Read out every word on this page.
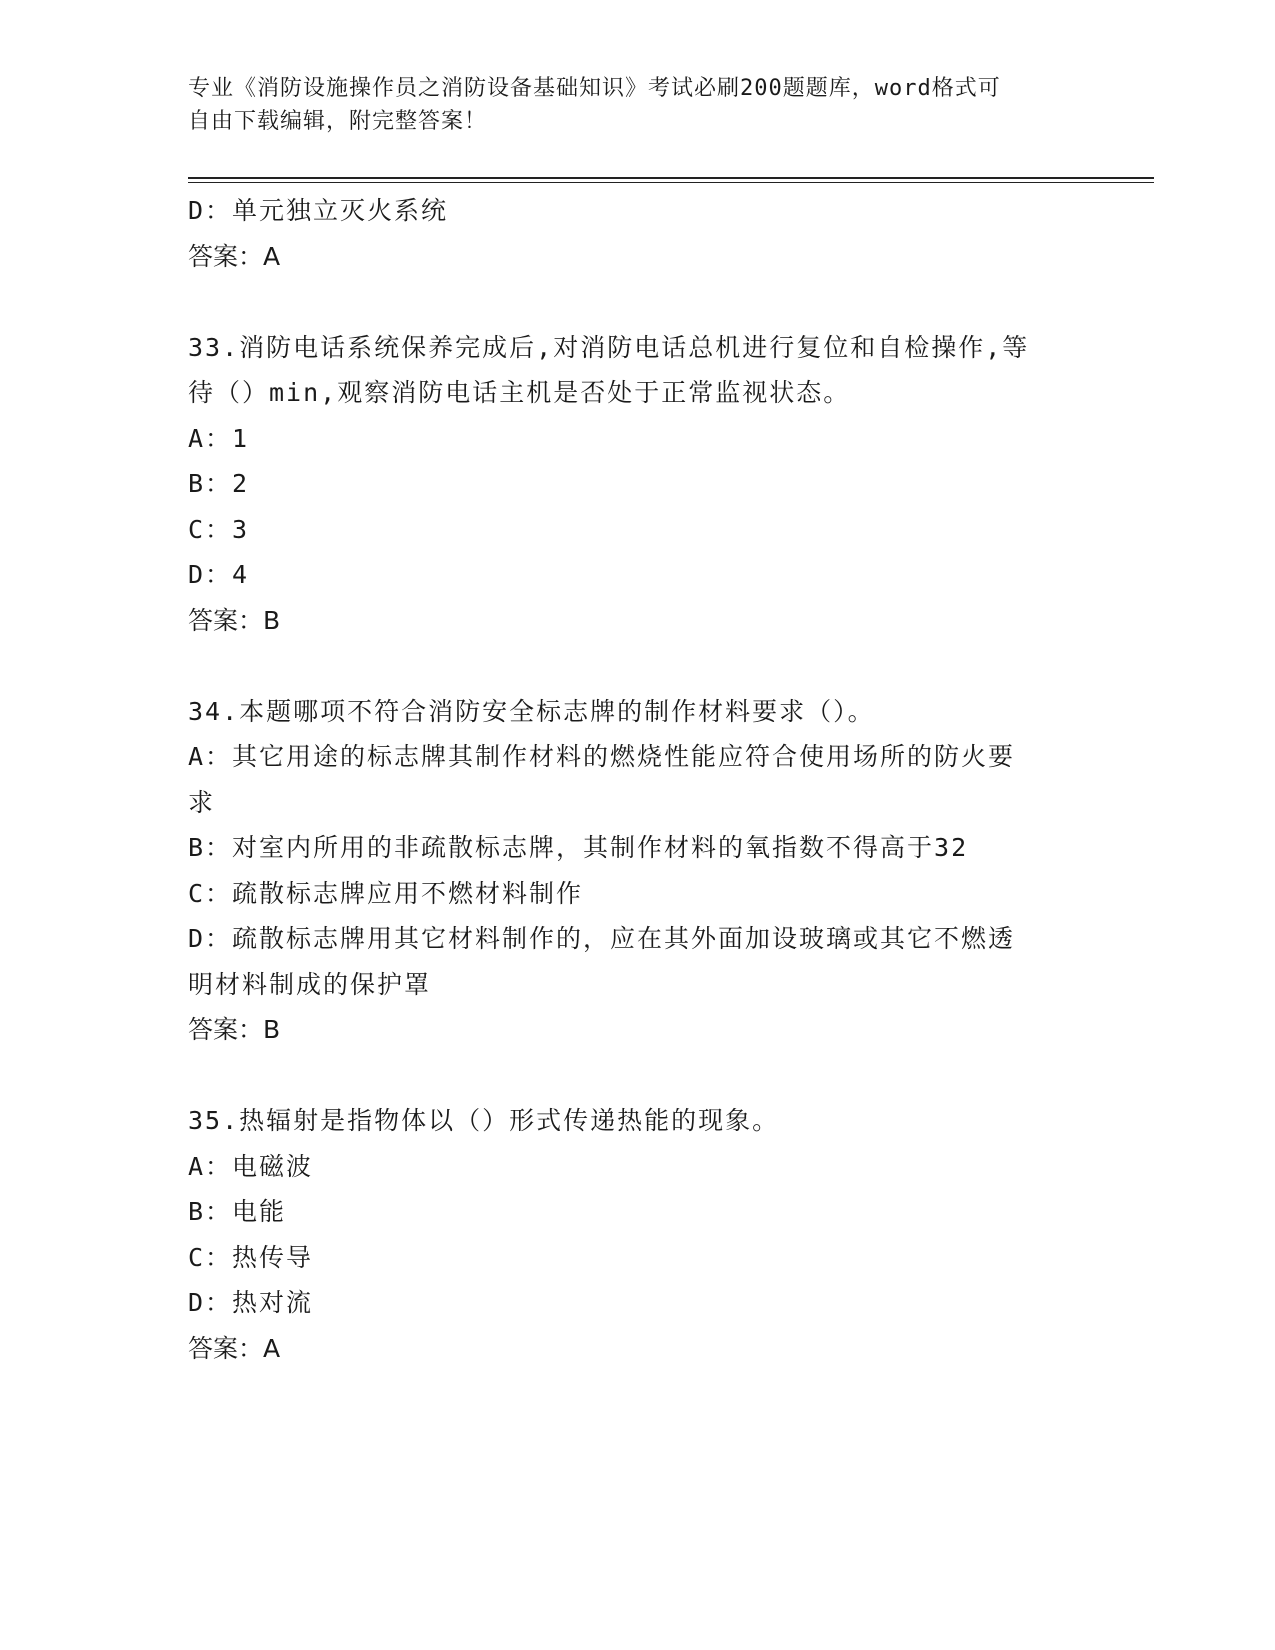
专业《消防设施操作员之消防设备基础知识》考试必刷200题题库，word格式可
自由下载编辑，附完整答案！
D：单元独立灭火系统
答案：A
33.消防电话系统保养完成后,对消防电话总机进行复位和自检操作,等
待（）min,观察消防电话主机是否处于正常监视状态。
A：1
B：2
C：3
D：4
答案：B
34.本题哪项不符合消防安全标志牌的制作材料要求（）。
A：其它用途的标志牌其制作材料的燃烧性能应符合使用场所的防火要
求
B：对室内所用的非疏散标志牌，其制作材料的氧指数不得高于32
C：疏散标志牌应用不燃材料制作
D：疏散标志牌用其它材料制作的，应在其外面加设玻璃或其它不燃透
明材料制成的保护罩
答案：B
35.热辐射是指物体以（）形式传递热能的现象。
A：电磁波
B：电能
C：热传导
D：热对流
答案：A
